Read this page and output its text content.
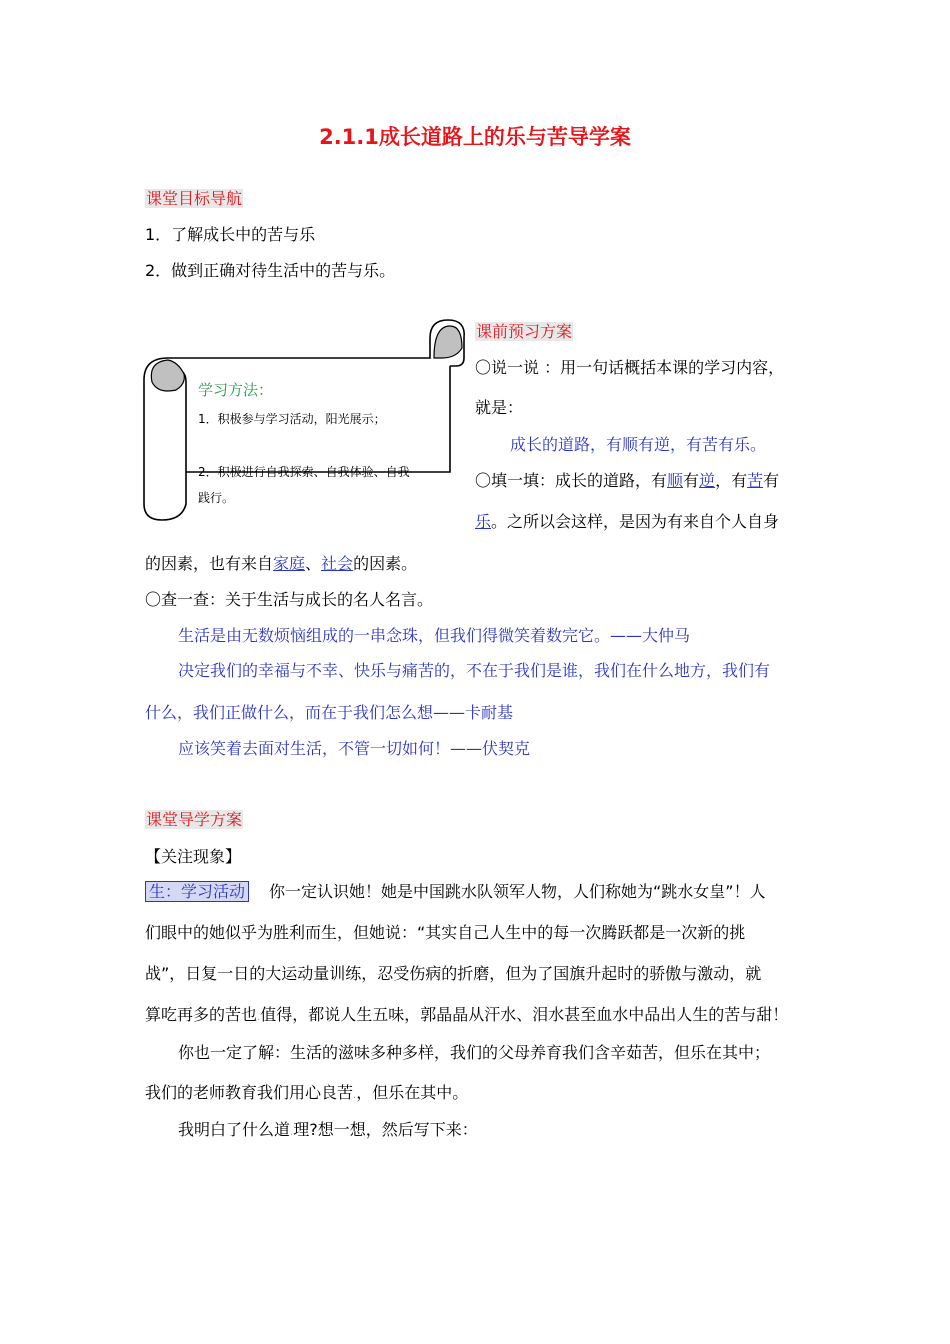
2.1.1成长道路上的乐与苦导学案
课堂目标导航
1．了解成长中的苦与乐
2．做到正确对待生活中的苦与乐。
学习方法：
1．积极参与学习活动，阳光展示；
2．积极进行自我探索、自我体验、自我践行。
课前预习方案
〇说一说 ：用一句话概括本课的学习内容，
就是：
成长的道路，有顺有逆，有苦有乐。
〇填一填：成长的道路，有顺有逆，有苦有
乐。之所以会这样，是因为有来自个人自身
的因素，也有来自家庭、社会的因素。
〇查一查：关于生活与成长的名人名言。
生活是由无数烦恼组成的一串念珠，但我们得微笑着数完它。——大仲马
决定我们的幸福与不幸、快乐与痛苦的，不在于我们是谁，我们在什么地方，我们有
什么，我们正做什么，而在于我们怎么想——卡耐基
应该笑着去面对生活，不管一切如何！——伏契克
课堂导学方案
【关注现象】
生：学习活动 你一定认识她！她是中国跳水队领军人物，人们称她为“跳水女皇”！人
们眼中的她似乎为胜利而生，但她说：“其实自己人生中的每一次腾跃都是一次新的挑
战”，日复一日的大运动量训练，忍受伤病的折磨，但为了国旗升起时的骄傲与激动，就
算吃再多的苦也.值得，都说人生五味，郭晶晶从汗水、泪水甚至血水中品出人生的苦与甜！
你也一定了解：生活的滋味多种多样，我们的父母养育我们含辛茹苦，但乐在其中；
我们的老师教育我们用心良苦.，但乐在其中。
我明白了什么道.理?想一想，然后写下来：
